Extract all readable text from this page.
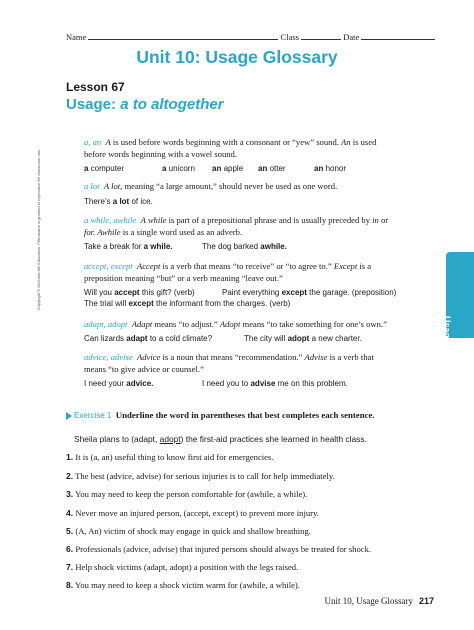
Name	Class	Date
Unit 10: Usage Glossary
Lesson 67
Usage: a to altogether
a, an A is used before words beginning with a consonant or “yew” sound. An is used
before words beginning with a vowel sound.
a computer	a unicorn an apple an otter	an honor
a lot A lot, meaning “a large amount,” should never be used as one word.
There’s a lot of ice.
a while, awhile A while is part of a prepositional phrase and is usually preceded by in or
for. Awhile is a single word used as an adverb.
Take a break for a while.	The dog barked awhile.
accept, except Accept is a verb that means “to receive” or “to agree to.” Except is a
preposition meaning “but” or a verb meaning “leave out.”
Will you accept this gift? (verb)	Paint everything except the garage. (preposition)
The trial will except the informant from the charges. (verb)
adapt, adopt Adapt means “to adjust.” Adopt means “to take something for one’s own.”
Can lizards adapt to a cold climate?	The city will adopt a new charter.
advice, advise Advice is a noun that means “recommendation.” Advise is a verb that
means “to give advice or counsel.”
I need your advice.	I need you to advise me on this problem.
Usage
Copyright © McGraw-Hill Education. Permission is granted to reproduce for classroom use.
Exercise 1 Underline the word in parentheses that best completes each sentence.
Sheila plans to (adapt, adopt) the first-aid practices she learned in health class.
1. It is (a, an) useful thing to know first aid for emergencies.
2. The best (advice, advise) for serious injuries is to call for help immediately.
3. You may need to keep the person comfortable for (awhile, a while).
4. Never move an injured person, (accept, except) to prevent more injury.
5. (A, An) victim of shock may engage in quick and shallow breathing.
6. Professionals (advice, advise) that injured persons should always be treated for shock.
7. Help shock victims (adapt, adopt) a position with the legs raised.
8. You may need to keep a shock victim warm for (awhile, a while).
Unit 10, Usage Glossary 217
